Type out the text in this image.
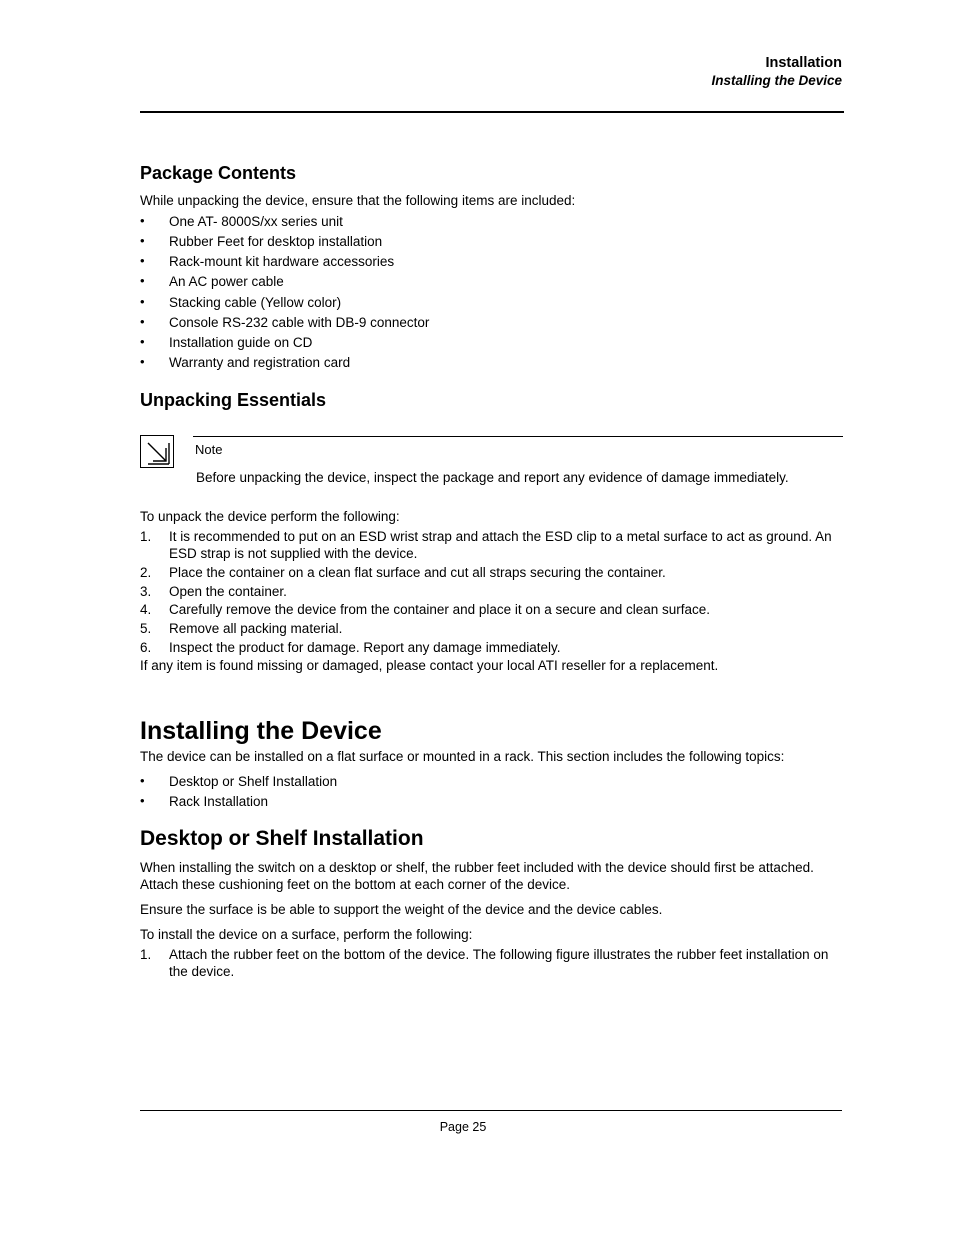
Installation
Installing the Device
Package Contents
While unpacking the device, ensure that the following items are included:
• One AT- 8000S/xx series unit
• Rubber Feet for desktop installation
• Rack-mount kit hardware accessories
• An AC power cable
• Stacking cable (Yellow color)
• Console RS-232 cable with DB-9 connector
• Installation guide on CD
• Warranty and registration card
Unpacking Essentials
Note
Before unpacking the device, inspect the package and report any evidence of damage immediately.
To unpack the device perform the following:
1. It is recommended to put on an ESD wrist strap and attach the ESD clip to a metal surface to act as ground. An ESD strap is not supplied with the device.
2. Place the container on a clean flat surface and cut all straps securing the container.
3. Open the container.
4. Carefully remove the device from the container and place it on a secure and clean surface.
5. Remove all packing material.
6. Inspect the product for damage. Report any damage immediately.
If any item is found missing or damaged, please contact your local ATI reseller for a replacement.
Installing the Device
The device can be installed on a flat surface or mounted in a rack. This section includes the following topics:
• Desktop or Shelf Installation
• Rack Installation
Desktop or Shelf Installation
When installing the switch on a desktop or shelf, the rubber feet included with the device should first be attached.
Attach these cushioning feet on the bottom at each corner of the device.
Ensure the surface is be able to support the weight of the device and the device cables.
To install the device on a surface, perform the following:
1. Attach the rubber feet on the bottom of the device. The following figure illustrates the rubber feet installation on the device.
Page 25
